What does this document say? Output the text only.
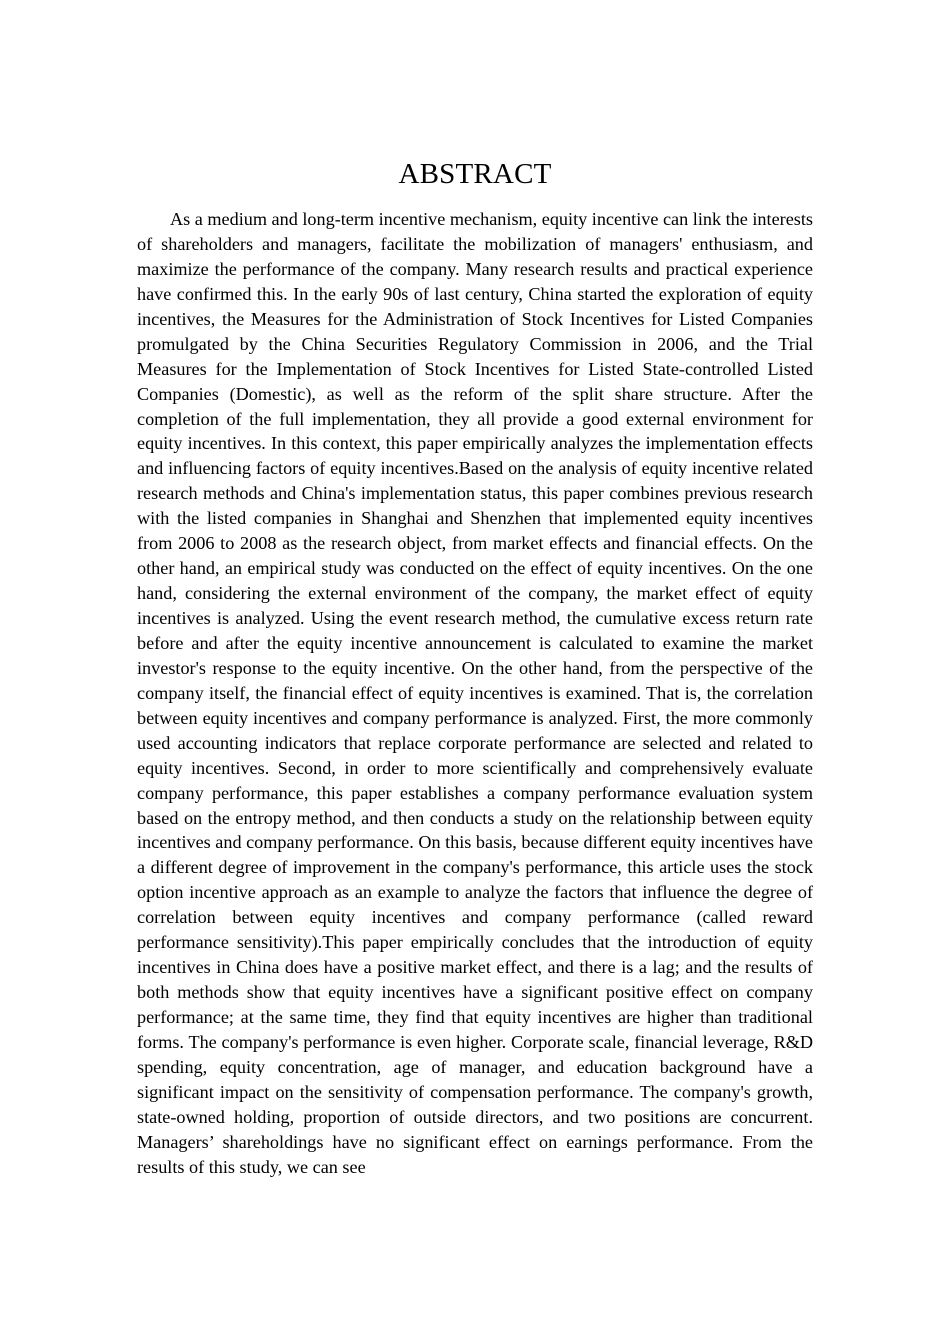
ABSTRACT

As a medium and long-term incentive mechanism, equity incentive can link the interests of shareholders and managers, facilitate the mobilization of managers' enthusiasm, and maximize the performance of the company. Many research results and practical experience have confirmed this. In the early 90s of last century, China started the exploration of equity incentives, the Measures for the Administration of Stock Incentives for Listed Companies promulgated by the China Securities Regulatory Commission in 2006, and the Trial Measures for the Implementation of Stock Incentives for Listed State-controlled Listed Companies (Domestic), as well as the reform of the split share structure. After the completion of the full implementation, they all provide a good external environment for equity incentives. In this context, this paper empirically analyzes the implementation effects and influencing factors of equity incentives.Based on the analysis of equity incentive related research methods and China's implementation status, this paper combines previous research with the listed companies in Shanghai and Shenzhen that implemented equity incentives from 2006 to 2008 as the research object, from market effects and financial effects. On the other hand, an empirical study was conducted on the effect of equity incentives. On the one hand, considering the external environment of the company, the market effect of equity incentives is analyzed. Using the event research method, the cumulative excess return rate before and after the equity incentive announcement is calculated to examine the market investor's response to the equity incentive. On the other hand, from the perspective of the company itself, the financial effect of equity incentives is examined. That is, the correlation between equity incentives and company performance is analyzed. First, the more commonly used accounting indicators that replace corporate performance are selected and related to equity incentives. Second, in order to more scientifically and comprehensively evaluate company performance, this paper establishes a company performance evaluation system based on the entropy method, and then conducts a study on the relationship between equity incentives and company performance. On this basis, because different equity incentives have a different degree of improvement in the company's performance, this article uses the stock option incentive approach as an example to analyze the factors that influence the degree of correlation between equity incentives and company performance (called reward performance sensitivity).This paper empirically concludes that the introduction of equity incentives in China does have a positive market effect, and there is a lag; and the results of both methods show that equity incentives have a significant positive effect on company performance; at the same time, they find that equity incentives are higher than traditional forms. The company's performance is even higher. Corporate scale, financial leverage, R&D spending, equity concentration, age of manager, and education background have a significant impact on the sensitivity of compensation performance. The company's growth, state-owned holding, proportion of outside directors, and two positions are concurrent. Managers’ shareholdings have no significant effect on earnings performance. From the results of this study, we can see
